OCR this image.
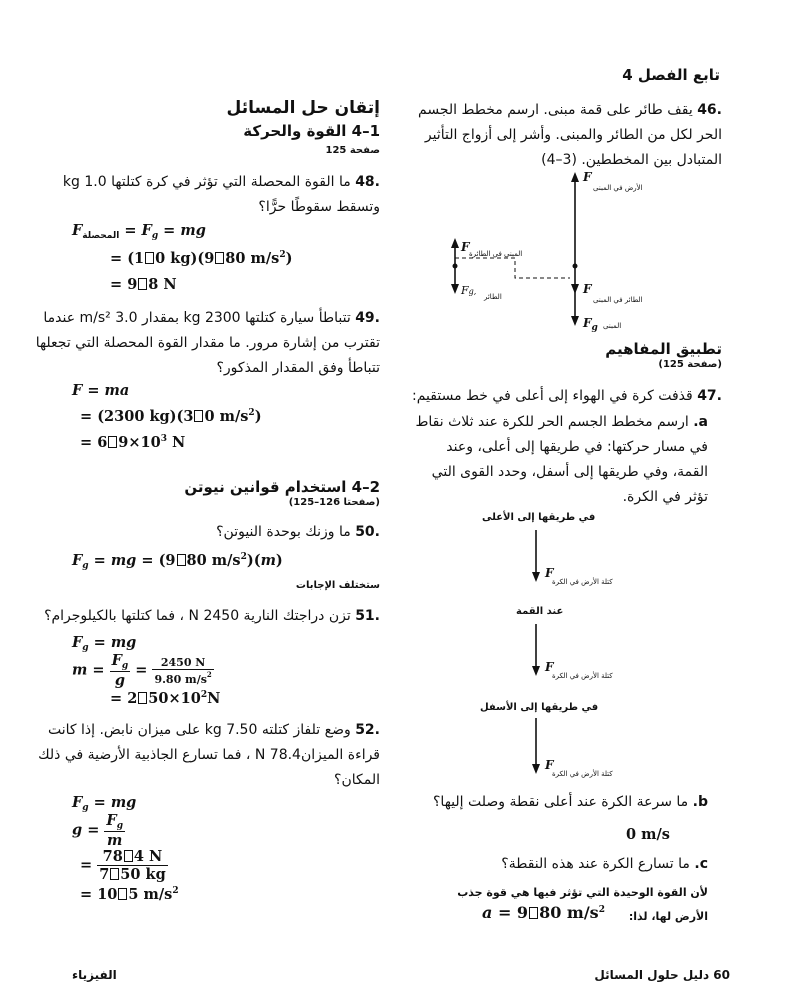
تابع الفصل 4
.46 يقف طائر على قمة مبنى. ارسم مخطط الجسم الحر لكل من الطائر والمبنى. وأشر إلى أزواج التأثير المتبادل بين المخططين. (3–4)
F
الأرض في المبنى
F المبنى في الطائرة
Fg,
الطائر
F
الطائر في المبنى
$F_g$ المبنى
تطبيق المفاهيم
(صفحة 125)
.47 قذفت كرة في الهواء إلى أعلى في خط مستقيم:
a. ارسم مخطط الجسم الحر للكرة عند ثلاث نقاط في مسار حركتها: في طريقها إلى أعلى، وعند القمة، وفي طريقها إلى أسفل، وحدد القوى التي تؤثر في الكرة.
في طريقها إلى الأعلى
F
كتلة الأرض في الكرة
عند القمة
F
كتلة الأرض في الكرة
في طريقها إلى الأسفل
F
كتلة الأرض في الكرة
b. ما سرعة الكرة عند أعلى نقطة وصلت إليها؟
0 m/s
c. ما تسارع الكرة عند هذه النقطة؟
لأن القوة الوحيدة التي تؤثر فيها هي قوة جذب
الأرض لها، لذا:
a = 9 80 $m/s^2$
إتقان حل المسائل
1–4 القوة والحركة
صفحة 125
.48 ما القوة المحصلة التي تؤثر في كرة كتلتها 1.0 kg وتسقط سقوطًا حرًّا؟
$F_{المحصلة} = F_g$ = mg
= (1 0 kg)(9 80 $m/s^2$)
= 9 8 N
.49 تتباطأ سيارة كتلتها 2300 kg بمقدار 3.0 m/s² عندما تقترب من إشارة مرور. ما مقدار القوة المحصلة التي تجعلها تتباطأ وفق المقدار المذكور؟
F = ma
= (2300 kg)(3 0 $m/s^2$)
= 6 $9\times 10^3$ N
2–4 استخدام قوانين نيوتن
(صفحتا 126–125)
.50 ما وزنك بوحدة النيوتن؟
$F_g$ = mg = (9 80 $m/s^2)(m)$
ستختلف الإجابات
.51 تزن دراجتك النارية 2450 N ، فما كتلتها بالكيلوجرام؟
$F_g$ = mg
$m = \frac{F_g}{g} = \frac{2450 N}{9.80 m/s^2}$
= 2 $50\times 10^2N$
.52 وضع تلفاز كتلته 7.50 kg على ميزان نابض. إذا كانت قراءة الميزان78.4 N ، فما تسارع الجاذبية الأرضية في ذلك المكان؟
$F_g$ = mg
$g = \frac{F_g}{m}$
= $\frac{78 4 N}{7 50 kg}$
= 10 5 $m/s^2$
60 دليل حلول المسائل
الفيزياء
